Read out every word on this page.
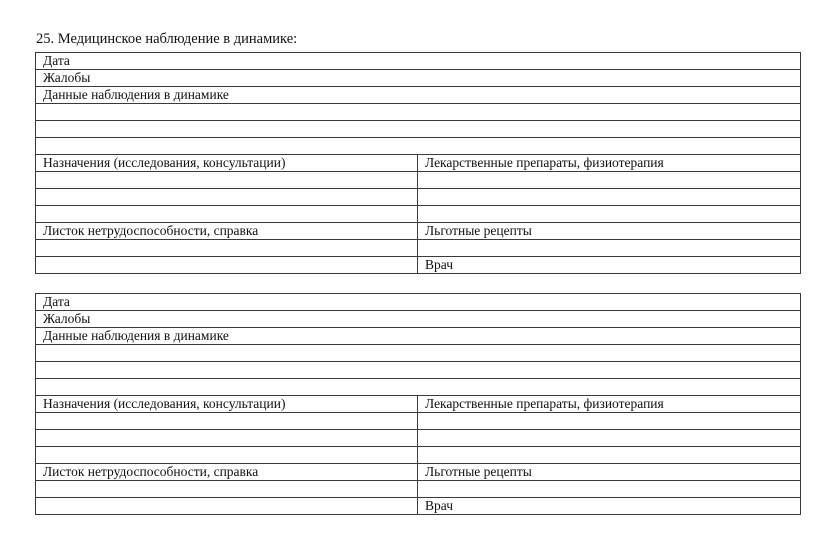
25. Медицинское наблюдение в динамике:
Дата	
Жалобы	
Данные наблюдения в динамике	

Назначения (исследования, консультации)	Лекарственные препараты, физиотерапия

Листок нетрудоспособности, справка	Льготные рецепты

	Врач
Дата	
Жалобы	
Данные наблюдения в динамике	

Назначения (исследования, консультации)	Лекарственные препараты, физиотерапия

Листок нетрудоспособности, справка	Льготные рецепты

	Врач
